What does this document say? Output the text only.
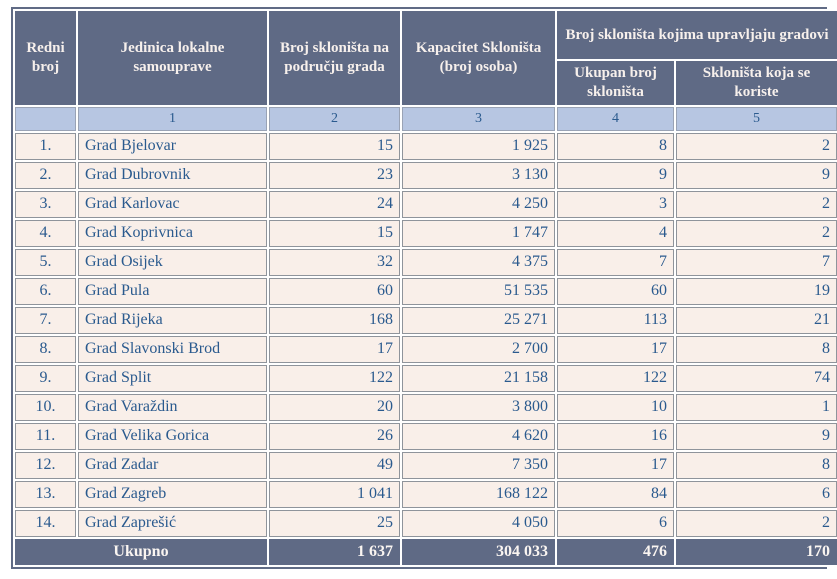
Redni broj	Jedinica lokalne samouprave	Broj skloništa na području grada	Kapacitet Skloništa (broj osoba)	Broj skloništa kojima upravljaju gradovi	
				Ukupan broj skloništa	Skloništa koja se koriste
	1	2	3	4	5
1.	Grad Bjelovar	15	1 925	8	2
2.	Grad Dubrovnik	23	3 130	9	9
3.	Grad Karlovac	24	4 250	3	2
4.	Grad Koprivnica	15	1 747	4	2
5.	Grad Osijek	32	4 375	7	7
6.	Grad Pula	60	51 535	60	19
7.	Grad Rijeka	168	25 271	113	21
8.	Grad Slavonski Brod	17	2 700	17	8
9.	Grad Split	122	21 158	122	74
10.	Grad Varaždin	20	3 800	10	1
11.	Grad Velika Gorica	26	4 620	16	9
12.	Grad Zadar	49	7 350	17	8
13.	Grad Zagreb	1 041	168 122	84	6
14.	Grad Zaprešić	25	4 050	6	2
Ukupno		1 637	304 033	476	170
